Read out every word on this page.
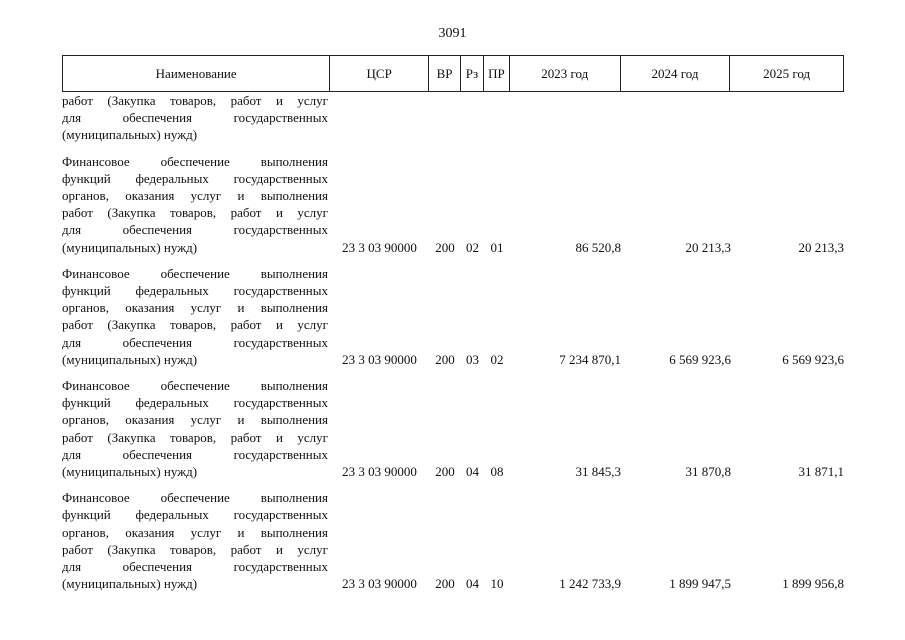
3091
Наименование	ЦСР	ВР	Рз ПР	2023 год	2024 год	2025 год
работ (Закупка товаров, работ и услуг
для обеспечения государственных
(муниципальных) нужд)
Финансовое обеспечение выполнения
функций федеральных государственных
органов, оказания услуг и выполнения
работ (Закупка товаров, работ и услуг
для обеспечения государственных
(муниципальных) нужд)	23 3 03 90000	200 02 01	86 520,8	20 213,3	20 213,3
Финансовое обеспечение выполнения
функций федеральных государственных
органов, оказания услуг и выполнения
работ (Закупка товаров, работ и услуг
для обеспечения государственных
(муниципальных) нужд)	23 3 03 90000	200 03 02	7 234 870,1	6 569 923,6	6 569 923,6
Финансовое обеспечение выполнения
функций федеральных государственных
органов, оказания услуг и выполнения
работ (Закупка товаров, работ и услуг
для обеспечения государственных
(муниципальных) нужд)	23 3 03 90000	200 04 08	31 845,3	31 870,8	31 871,1
Финансовое обеспечение выполнения
функций федеральных государственных
органов, оказания услуг и выполнения
работ (Закупка товаров, работ и услуг
для обеспечения государственных
(муниципальных) нужд)	23 3 03 90000	200 04 10	1 242 733,9	1 899 947,5	1 899 956,8
